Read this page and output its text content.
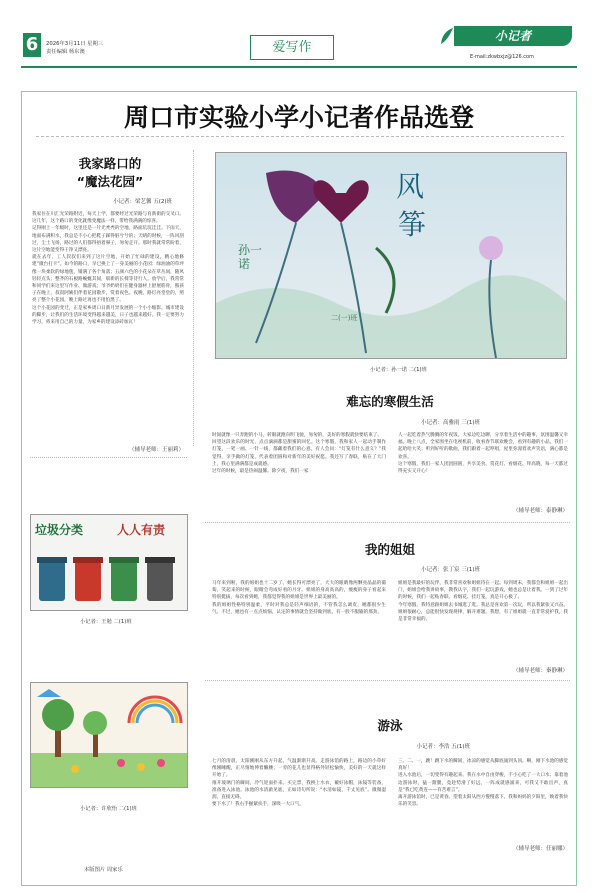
6	2026年3月11日 星期三
责任编辑 杨东澳	爱写作
小记者
E-mail:zkwbxjz@126.com
周口市实验小学小记者作品选登
我家路口的
“魔法花园”
小记者：梁艺馨 五(2)班
我家住在川汇光荣路附近，每天上学，都要经过光荣路与育新街的交叉口。这几年，这个路口的变化就像变魔法一样，带给我满满的惊喜。
记得刚上一年级时，这里还是一片光秃秃的空地，路面坑坑洼洼。下雨天，地面布满积水，我总是不小心把鞋子踩得脏兮兮的；天晴的时候，一阵风刮过，尘土飞扬，路过的人们都得捂着鼻子，匆匆走开。那时我就常常盼着，这片空地能变得干净又漂亮。
就在去年，工人叔叔们来到了这片空地，开始了忙碌的建设，精心地修建“微台打卡”。如今的路口，早已换上了一身美丽的小花园：绿油油的草坪像一块柔软的绿地毯，铺满了各个角落；五颜六色的小花朵在草丛间，随风轻轻点头；整齐的石板路蜿蜒其间，崭新的长椅等待行人。放学后，我常常和同学们来这里写作业、做游戏；爷爷奶奶们在健身器材上舒展筋骨，熊孩子在晚上，叔叔阿姨们伴着花园散步，赏着夜色。夜晚，路灯亮堂堂的，照亮了整个小花园，晚上路过再也不用怕黑了。
这个小花园的变迁，正是家乡周口日新月异发展的一个小小缩影。城市建设的脚步，让我们的生活环境变得越来越美，日子也越来越好。我一定要努力学习，将来用自己的力量，为家乡的建设添砖加瓦！
（辅导老师：王丽莉）
风
筝
孙一诺
二(一)班
小记者：孙一诺 二(1)班
难忘的寒假生活
小记者：高雅雨 三(1)班
时间就像一只奔跑的小马，转眼就跑向明飞驰，匆匆的，美好的寒假就快要结束了。
回望这段欢乐的时光，点点滴滴都是甜蜜的回忆。这个寒假，我和家人一起动手制作灯笼，一笔一画、一针一线，都藏着我们的心意。有人会问：“灯笼有什么意义？”我觉得，亲手做的灯笼，代表着团圆和对新年的美好祝愿。我还写了春联，贴在了大门上，我心里满满都是成就感。
过年的时候，最是热闹温馨。除夕夜，我们一家
人一起吃着热气腾腾的年夜饭，大家边吃边聊，分享着生活中的趣事，氛围温馨又幸福。晚上八点，全家围坐在电视机前，收看春节联欢晚会，看到有趣的小品，我们一起哈哈大笑；听到好听的歌曲，我们跟着一起哼唱，屋里弥漫着欢声笑语，满心都是欢喜。
这个寒假，我们一家人团团圆圆，共享美食、赏花灯、看烟花、拜高晓，每一天都过得充实又开心！
（辅导老师：泰静琳）
垃圾分类	人人有责
小记者：王勉 二(1)班
我的姐姐
小记者：张丁宸 三(1)班
马年来到啦，我的姐姐也十二岁了。她长得可漂亮了，大大的眼睛像两颗亮晶晶的葡萄，笑起来的时候，眼睛会弯成好看的月牙。姐姐的身高高高的，瘦瘦的身子看起来特别挺拔，每次看到她，我都觉得我的姐姐是世界上最美丽的。
我的姐姐性格特别温柔，平时对我总是轻声细语的，不管我怎么调皮，她都很少生气。不过，她也有一点点烦恼，认定的事情就会坚持做到底，有一股不服输的那劲。
姐姐是我最好的玩伴，我非常喜欢和姐姐待在一起。每到周末，我都会和姐姐一起出门，姐姐会给我讲故事，教我认字，我们一起玩游戏，她也总是让着我。一到了过年的时候，我们一起贴春联、看烟花、挂灯笼，真是开心极了。
今年寒假，我特意跟姐姐去书城逛了逛。我总是喜欢第一次玩，所以我紧张又兴奋。姐姐很耐心，总能很快发现规律，解开难题。我想，有了姐姐就一直非常爱护我，我是非常幸福的。
（辅导老师：秦静琳）
小记者：许欣怡 二(1)班
游泳
小记者：李浩 五(1)班
七月的清晨，太阳刚刚从东方升起，气温渐渐升高。走游泳馆的路上，路边的小草好像刚睡醒，正尽情地伸着懒腰；一旁的花儿也显得格外轻松愉快，美好的一天就这样开始了。
推开玻璃门的瞬间，冷气迎面扑来。买完票，我换上水衣，戴好泳帽，泳镜等装备，准备进入泳池。泳池的水清澈见底，正如诗句所说：“水清如镜，千丈见底”。微微湿润，直接无碍。
要下水了！我右手握紧扶手，深吸一大口气，
三、二、一，跳！跳下水的瞬间，冰凉的感觉从脚底涌到头顶。啊，刚下水池的感觉真好！
进入水池后，一切变得有趣起来。我在水中自由穿梭，不小心吃了一大口水；靠着池边游泳时，猛一蹬腿，竟趁势滑了好远，一阵成就感涌来，可我又不敢出声，真是“我已吃黄连——有苦难言”。
离开游泳馆时，已是黄昏。望着太阳从西方慢慢落下，我和妈妈的夕阳里，映着我快乐的笑容。
（辅导老师：任丽娜）
本版图片 周家乐
